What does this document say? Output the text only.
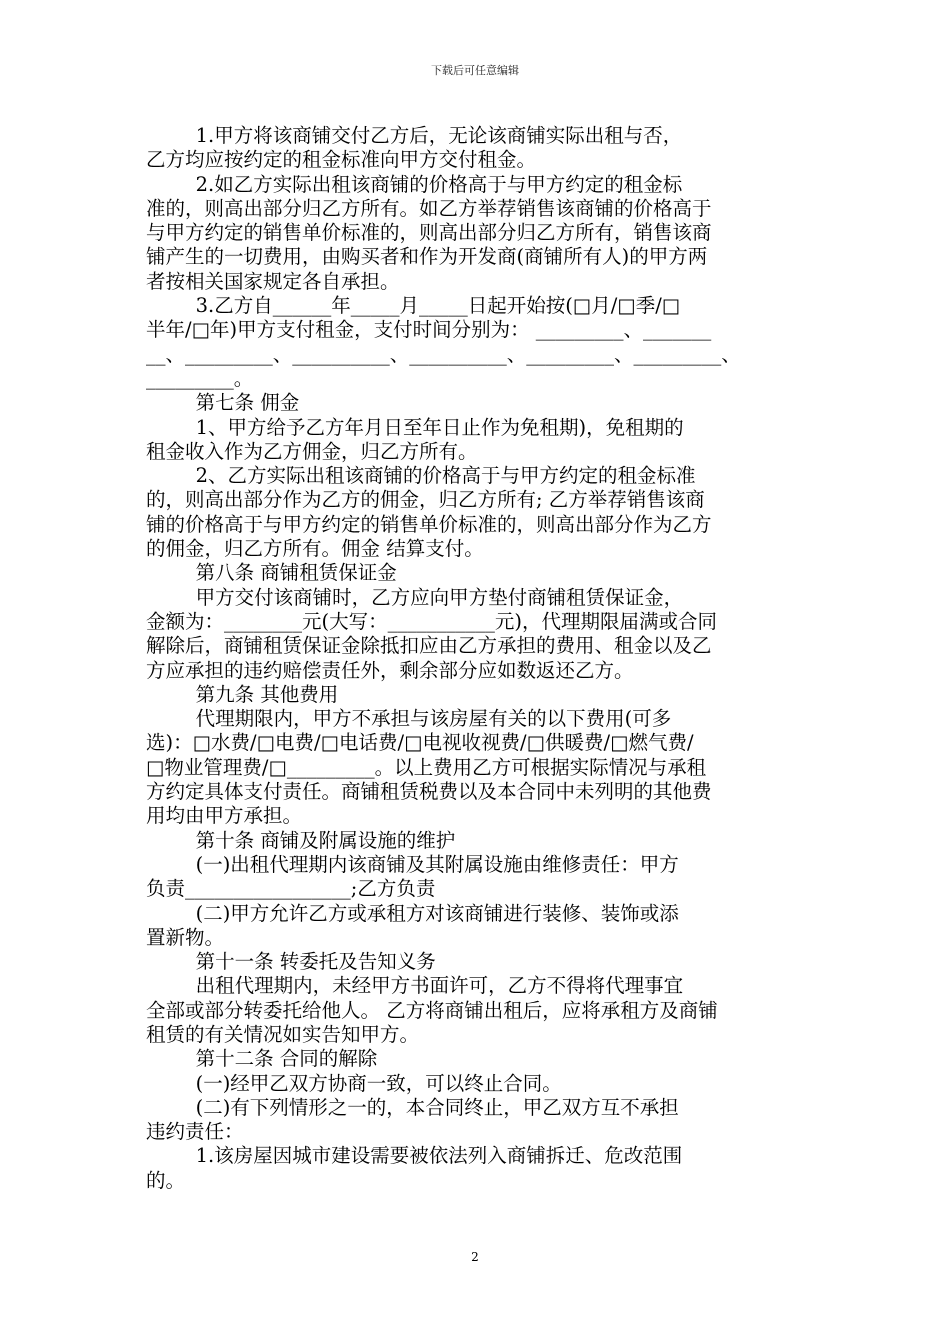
下载后可任意编辑
1.甲方将该商铺交付乙方后，无论该商铺实际出租与否，
乙方均应按约定的租金标准向甲方交付租金。
2.如乙方实际出租该商铺的价格高于与甲方约定的租金标
准的，则高出部分归乙方所有。如乙方举荐销售该商铺的价格高于
与甲方约定的销售单价标准的，则高出部分归乙方所有，销售该商
铺产生的一切费用，由购买者和作为开发商(商铺所有人)的甲方两
者按相关国家规定各自承担。
3.乙方自______年_____月_____日起开始按(□月/□季/□
半年/□年)甲方支付租金，支付时间分别为： _________、_______
__、_________、__________、__________、_________、_________、
_________。
第七条 佣金
1、甲方给予乙方年月日至年日止作为免租期)，免租期的
租金收入作为乙方佣金，归乙方所有。
2、乙方实际出租该商铺的价格高于与甲方约定的租金标准
的，则高出部分作为乙方的佣金，归乙方所有; 乙方举荐销售该商
铺的价格高于与甲方约定的销售单价标准的，则高出部分作为乙方
的佣金，归乙方所有。佣金 结算支付。
第八条 商铺租赁保证金
甲方交付该商铺时，乙方应向甲方垫付商铺租赁保证金，
金额为：________元(大写：___________元)，代理期限届满或合同
解除后，商铺租赁保证金除抵扣应由乙方承担的费用、租金以及乙
方应承担的违约赔偿责任外，剩余部分应如数返还乙方。
第九条 其他费用
代理期限内，甲方不承担与该房屋有关的以下费用(可多
选)：□水费/□电费/□电话费/□电视收视费/□供暖费/□燃气费/
□物业管理费/□_________。以上费用乙方可根据实际情况与承租
方约定具体支付责任。商铺租赁税费以及本合同中未列明的其他费
用均由甲方承担。
第十条 商铺及附属设施的维护
(一)出租代理期内该商铺及其附属设施由维修责任：甲方
负责_________________;乙方负责
(二)甲方允许乙方或承租方对该商铺进行装修、装饰或添
置新物。
第十一条 转委托及告知义务
出租代理期内，未经甲方书面许可，乙方不得将代理事宜
全部或部分转委托给他人。 乙方将商铺出租后，应将承租方及商铺
租赁的有关情况如实告知甲方。
第十二条 合同的解除
(一)经甲乙双方协商一致，可以终止合同。
(二)有下列情形之一的，本合同终止，甲乙双方互不承担
违约责任：
1.该房屋因城市建设需要被依法列入商铺拆迁、危改范围
的。
2
